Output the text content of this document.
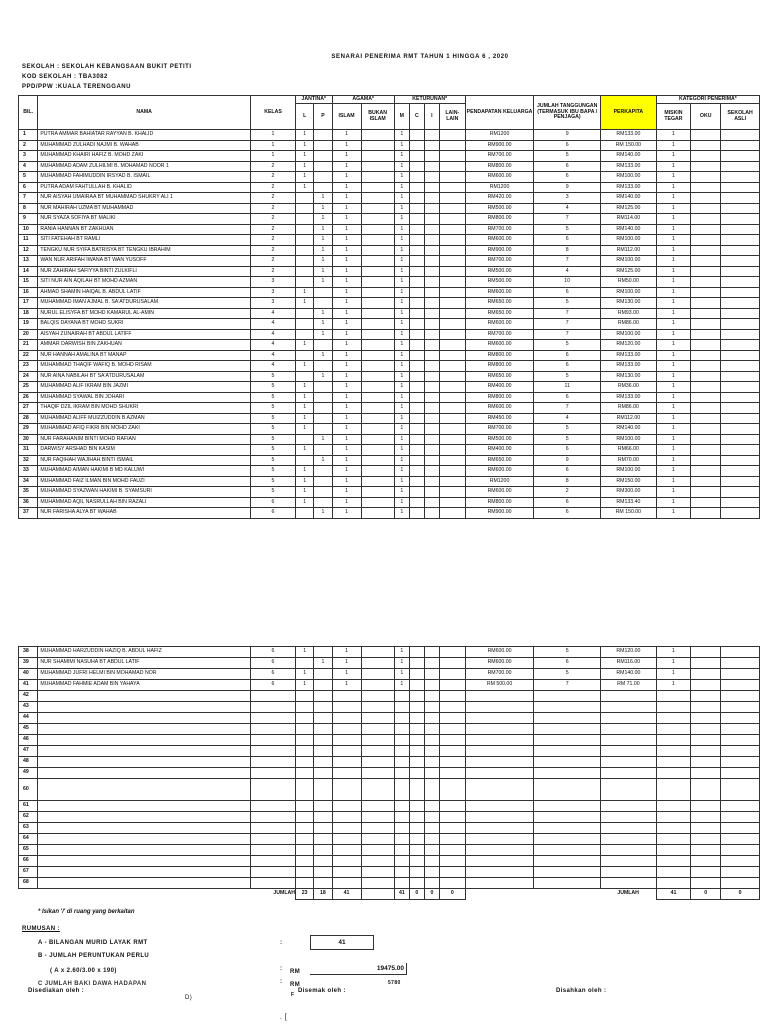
SENARAI PENERIMA RMT TAHUN 1 HINGGA 6 , 2020
SEKOLAH : SEKOLAH KEBANGSAAN BUKIT PETITI
KOD SEKOLAH : TBA3082
PPD/PPW :KUALA TERENGGANU
BIL.	NAMA	KELAS	JANTINA*		AGAMA*		KETURUNAN*				PENDAPATAN KELUARGA	JUMLAH TANGGUNGAN (TERMASUK IBU BAPA / PENJAGA)	PERKAPITA	KATEGORI PENERIMA*		
			L	P	ISLAM	BUKAN ISLAM	M	C	I	LAIN-LAIN				MISKIN TEGAR	OKU	SEKOLAH ASLI
1	PUTRA AMMAR BAHIATAR RAYYAN B. KHALID	1	1		1		1				RM1200	9	RM133.00	1		
2	MUHAMMAD ZULHADI NAJMI B. WAHAB	1	1		1		1				RM900.00	6	RM 150.00	1		
3	MUHAMMAD KHAIRI HAFIZ B. MOHD ZAKI	1	1		1		1				RM700.00	5	RM140.00	1		
4	MUHAMMAD ADAM ZULHILMI B. MOHAMAD NOOR 1	2	1		1		1				RM800.00	6	RM133.00	1		
5	MUHAMMAD FAHIMUDDIN IRSYAD B. ISMAIL	2	1		1		1				RM600.00	6	RM100.00	1		
6	PUTRA ADAM FAHTULLAH B. KHALID	2	1		1		1				RM1200	9	RM133.00	1		
7	NUR AISYAH UMAIRAA BT MUHAMMAD SHUKRY ALI 1	2		1	1		1				RM420.00	3	RM140.00	1		
8	NUR MAHIRAH UZMA BT MUHAMMAD	2		1	1		1				RM500.00	4	RM125.00	1		
9	NUR SYAZA SOFIYA BT MALIKI	2		1	1		1				RM800.00	7	RM114.00	1		
10	RANIA HANNAN BT ZAKHUAN	2		1	1		1				RM700.00	5	RM140.00	1		
11	SITI FATEHAH BT RAMLI	2		1	1		1				RM600.00	6	RM100.00	1		
12	TENGKU NUR SYIFA BATRISYA BT TENGKU IBRAHIM	2		1	1		1				RM900.00	8	RM112.00	1		
13	WAN NUR ARIFAH IWANA BT WAN YUSOFF	2		1	1		1				RM700.00	7	RM100.00	1		
14	NUR ZAHIRAH SAFIYYA BINTI ZULKIFLI	2		1	1		1				RM500.00	4	RM125.00	1		
15	SITI NUR AIN AQILAH BT MOHD AZMAN	3		1	1		1				RM500.00	10	RM50.00	1		
16	AHMAD SHAMIN HAIQAL B. ABDUL LATIF	3	1		1		1				RM600.00	6	RM100.00	1		
17	MUHAMMAD IMAN AJMAL B. SA'ATDURUSALAM	3	1		1		1				RM650.00	5	RM130.00	1		
18	NURUL ELISYFA BT MOHD KAMARUL AL-AMIN	4		1	1		1				RM650.00	7	RM93.00	1		
19	BALQIS DAYANA BT MOHD SUKRI	4		1	1		1				RM600.00	7	RM86.00	1		
20	AISYAH ZUNAIRAH BT ABDUL LATIFF	4		1	1		1				RM700.00	7	RM100.00	1		
21	AMMAR DARWISH BIN ZAKHUAN	4	1		1		1				RM600.00	5	RM120.00	1		
22	NUR HANNAH AMALINA BT MANAP	4		1	1		1				RM800.00	6	RM133.00	1		
23	MUHAMMAD THAQIF WAFIQ B. MOHD RISAM	4	1		1		1				RM800.00	6	RM133.00	1		
24	NUR AINA NABILAH BT SA'ATDURUSALAM	5		1	1		1				RM650.00	5	RM130.00	1		
25	MUHAMMAD ALIF IKRAM BIN JAZMI	5	1		1		1				RM400.00	11	RM36.00	1		
26	MUHAMMAD SYAWAL BIN JOHARI	5	1		1		1				RM800.00	6	RM133.00	1		
27	THAQIF DZIL IKRAM BIN MOHD SHUKRI	5	1		1		1				RM600.00	7	RM86.00	1		
28	MUHAMMAD ALIFF MUIZZUDDIN B AZMAN	5	1		1		1				RM450.00	4	RM112.00	1		
29	MUHAMMAD AFIQ FIKRI BIN MOHD ZAKI	5	1		1		1				RM700.00	5	RM140.00	1		
30	NUR FARAHANIM BINTI MOHD RAFIAN	5		1	1		1				RM500.00	5	RM100.00	1		
31	DARWISY ARSHAD BIN KASIM	5	1		1		1				RM400.00	6	RM66.00	1		
32	NUR FAQIHAH WAJIHAH BINTI ISMAIL	5		1	1		1				RM650.00	9	RM70.00	1		
33	MUHAMMAD AIMAN HAKIMI B MD KALUWI	5	1		1		1				RM600.00	6	RM100.00	1		
34	MUHAMMAD FAIZ ILMAN BIN MOHD FAUZI	5	1		1		1				RM1200	8	RM150.00	1		
35	MUHAMMAD SYAZWAN HAKIMI B. SYAMSURI	5	1		1		1				RM600.00	2	RM300.00	1		
36	MUHAMMAD AQIL NASRULLAH BIN RAZALI	6	1		1		1				RM800.00	6	RM133.40	1		
37	NUR FARISHA ALYA BT WAHAB	6		1	1		1				RM900.00	6	RM 150.00	1		
38	MUHAMMAD HARZUDDIN HAZIQ B. ABDUL HAFIZ	6	1		1		1				RM600.00	5	RM120.00	1		
39	NUR SHAMIMI NASUHA BT ABDUL LATIF	6		1	1		1				RM600.00	6	RM116.00	1		
40	MUHAMMAD JUFRI HELMI BIN MOHAMAD NOR	6	1		1		1				RM700.00	5	RM140.00	1		
41	MUHAMMAD FAHMIE ADAM BIN YAHAYA	6	1		1		1				RM 500.00	7	RM 71.00	1		
42																
43																
44																
45																
46																
47																
48																
49																
60																
61																
62																
63																
64																
65																
66																
67																
68																
		JUMLAH	23	18	41		41	0	0	0			JUMLAH	41	0	0
* Isikan '/' di ruang yang berkaitan
RUMUSAN :
A - BILANGAN MURID LAYAK RMT	:	41
B - JUMLAH PERUNTUKAN PERLU
( A x 2.60/3.00 x 190)	: RM	19475.00
C JUMLAH BAKI DAWA HADAPAN	: RM	5780
Disediakan oleh :
D)	F
Disemak oleh :	Disahkan oleh :
. [
